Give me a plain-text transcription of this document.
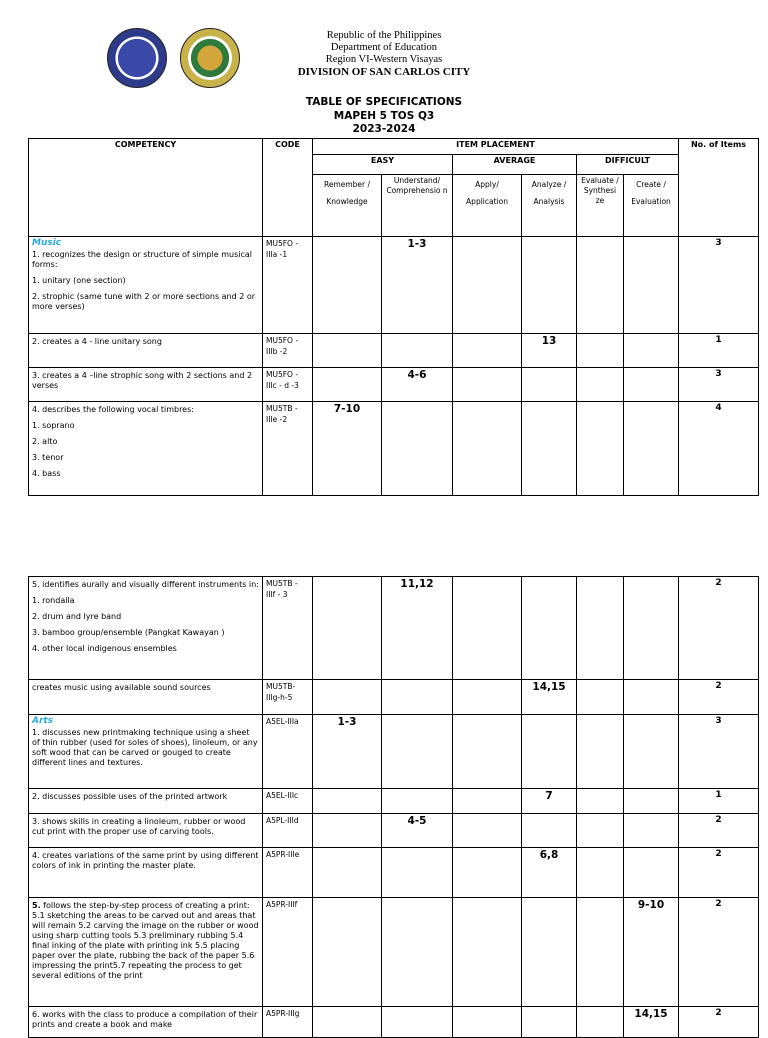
Republic of the Philippines
Department of Education
Region VI-Western Visayas
DIVISION OF SAN CARLOS CITY
TABLE OF SPECIFICATIONS
MAPEH 5 TOS Q3
2023-2024
COMPETENCY	CODE	ITEM PLACEMENT						No. of Items
		EASY		AVERAGE		DIFFICULT		
		Remember / Knowledge	Understand/ Comprehensio n	Apply/ Application	Analyze / Analysis	Evaluate / Synthesi ze	Create / Evaluation	

Music

1. recognizes the design or structure of simple musical forms:

1. unitary (one section)

2. strophic (same tune with 2 or more sections and 2 or more verses)	MU5FO - IIIa -1		1-3					3

2. creates a 4 - line unitary song	MU5FO - IIIb -2				13			1

3. creates a 4 –line strophic song with 2 sections and 2 verses	MU5FO - IIIc - d -3		4-6					3

4. describes the following vocal timbres:

1. soprano

2. alto

3. tenor

4. bass	MU5TB - IIIe -2	7-10						4

5. identifies aurally and visually different instruments in:

1. rondalla

2. drum and lyre band

3. bamboo group/ensemble (Pangkat Kawayan )

4. other local indigenous ensembles	MU5TB - IIIf - 3		11,12					2

creates music using available sound sources	MU5TB- IIIg-h-5				14,15			2

Arts

1. discusses new printmaking technique using a sheet of thin rubber (used for soles of shoes), linoleum, or any soft wood that can be carved or gouged to create different lines and textures.	A5EL-IIIa	1-3						3

2. discusses possible uses of the printed artwork	A5EL-IIIc				7			1

3. shows skills in creating a linoleum, rubber or wood cut print with the proper use of carving tools.	A5PL-IIId		4-5					2

4. creates variations of the same print by using different colors of ink in printing the master plate.	A5PR-IIIe				6,8			2

5. follows the step-by-step process of creating a print: 5.1 sketching the areas to be carved out and areas that will remain 5.2 carving the image on the rubber or wood using sharp cutting tools 5.3 preliminary rubbing 5.4 final inking of the plate with printing ink 5.5 placing paper over the plate, rubbing the back of the paper 5.6 impressing the print5.7 repeating the process to get several editions of the print	A5PR-IIIf						9-10	2

6. works with the class to produce a compilation of their prints and create a book and make	A5PR-IIIg						14,15	2
